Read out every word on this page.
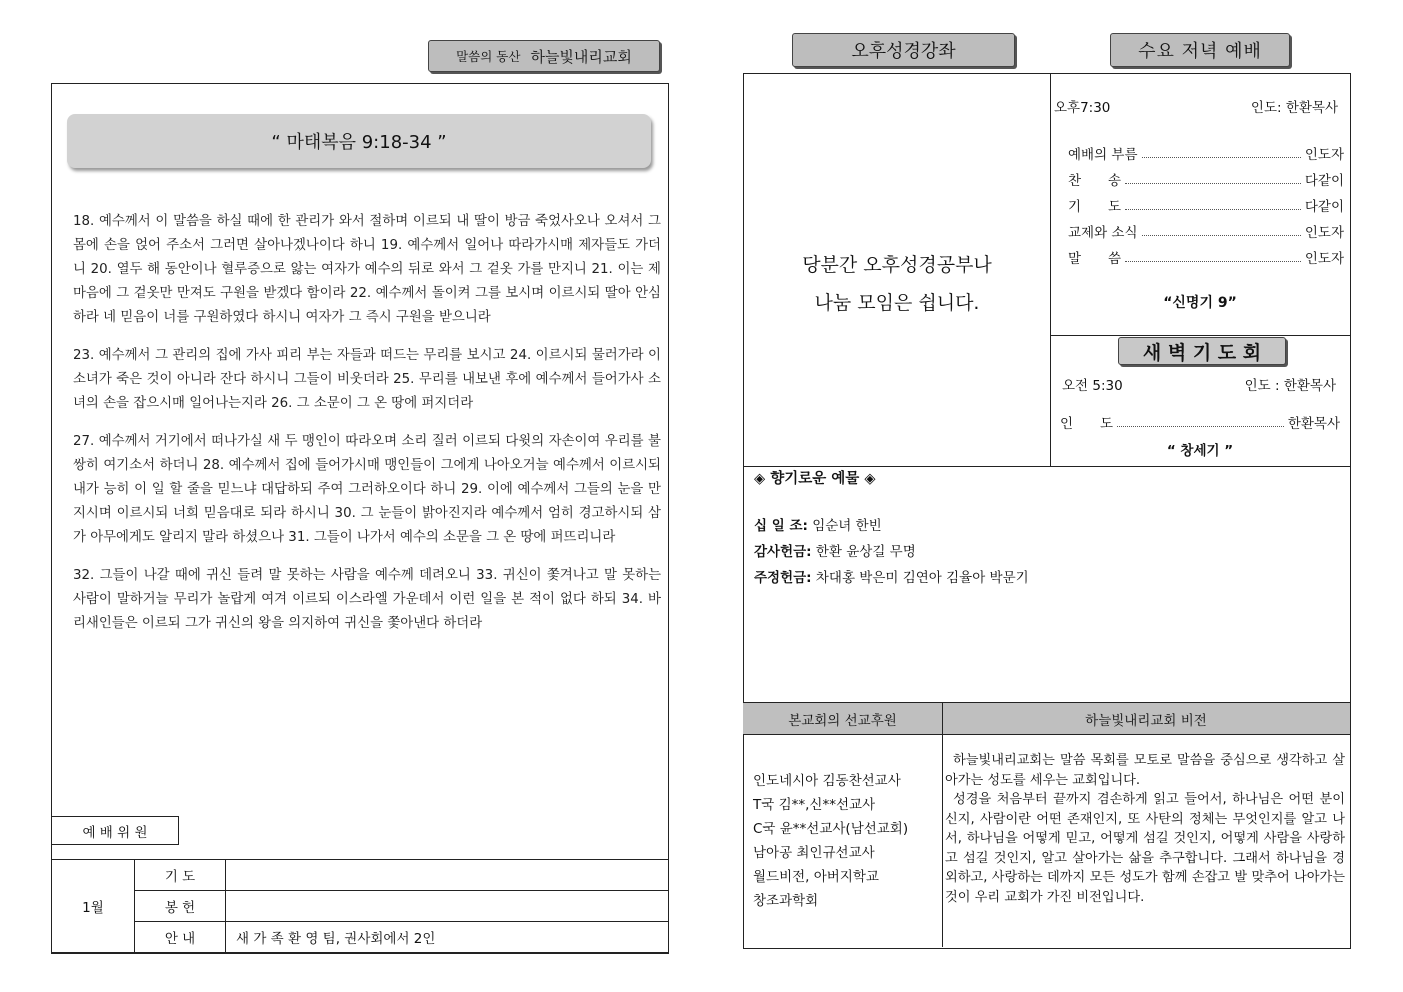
말씀의 동산 하늘빛내리교회
“ 마태복음 9:18-34 ”

18. 예수께서 이 말씀을 하실 때에 한 관리가 와서 절하며 이르되 내 딸이 방금 죽었사오나 오셔서 그 몸에 손을 얹어 주소서 그러면 살아나겠나이다 하니 19. 예수께서 일어나 따라가시매 제자들도 가더니 20. 열두 해 동안이나 혈루증으로 앓는 여자가 예수의 뒤로 와서 그 겉옷 가를 만지니 21. 이는 제 마음에 그 겉옷만 만져도 구원을 받겠다 함이라 22. 예수께서 돌이켜 그를 보시며 이르시되 딸아 안심하라 네 믿음이 너를 구원하였다 하시니 여자가 그 즉시 구원을 받으니라

23. 예수께서 그 관리의 집에 가사 피리 부는 자들과 떠드는 무리를 보시고 24. 이르시되 물러가라 이 소녀가 죽은 것이 아니라 잔다 하시니 그들이 비웃더라 25. 무리를 내보낸 후에 예수께서 들어가사 소녀의 손을 잡으시매 일어나는지라 26. 그 소문이 그 온 땅에 퍼지더라

27. 예수께서 거기에서 떠나가실 새 두 맹인이 따라오며 소리 질러 이르되 다윗의 자손이여 우리를 불쌍히 여기소서 하더니 28. 예수께서 집에 들어가시매 맹인들이 그에게 나아오거늘 예수께서 이르시되 내가 능히 이 일 할 줄을 믿느냐 대답하되 주여 그러하오이다 하니 29. 이에 예수께서 그들의 눈을 만지시며 이르시되 너희 믿음대로 되라 하시니 30. 그 눈들이 밝아진지라 예수께서 엄히 경고하시되 삼가 아무에게도 알리지 말라 하셨으나 31. 그들이 나가서 예수의 소문을 그 온 땅에 퍼뜨리니라

32. 그들이 나갈 때에 귀신 들려 말 못하는 사람을 예수께 데려오니 33. 귀신이 쫓겨나고 말 못하는 사람이 말하거늘 무리가 놀랍게 여겨 이르되 이스라엘 가운데서 이런 일을 본 적이 없다 하되 34. 바리새인들은 이르되 그가 귀신의 왕을 의지하여 귀신을 쫓아낸다 하더라

예 배 위 원
1월	기 도	
	봉 헌	
	안 내	새 가 족 환 영 팀, 권사회에서 2인
오후성경강좌	수요 저녁 예배
당분간 오후성경공부나
나눔 모임은 쉽니다.
오후7:30	인도: 한환목사
예배의 부름	인도자
찬　　송	다같이
기　　도	다같이
교제와 소식	인도자
말　　씀	인도자
“신명기 9”
새 벽 기 도 회
오전 5:30	인도 : 한환목사
인　　도	한환목사
“ 창세기 ”
◈ 향기로운 예물 ◈
십 일 조: 임순녀 한빈
감사헌금: 한환 윤상길 무명
주정헌금: 차대홍 박은미 김연아 김율아 박문기
본교회의 선교후원	하늘빛내리교회 비전
인도네시아 김동찬선교사
T국 김**,신**선교사
C국 윤**선교사(남선교회)
남아공 최인규선교사
월드비전, 아버지학교
창조과학회
하늘빛내리교회는 말씀 목회를 모토로 말씀을 중심으로 생각하고 살아가는 성도를 세우는 교회입니다.
성경을 처음부터 끝까지 겸손하게 읽고 들어서, 하나님은 어떤 분이신지, 사람이란 어떤 존재인지, 또 사탄의 정체는 무엇인지를 알고 나서, 하나님을 어떻게 믿고, 어떻게 섬길 것인지, 어떻게 사람을 사랑하고 섬길 것인지, 알고 살아가는 삶을 추구합니다. 그래서 하나님을 경외하고, 사랑하는 데까지 모든 성도가 함께 손잡고 발 맞추어 나아가는 것이 우리 교회가 가진 비전입니다.
